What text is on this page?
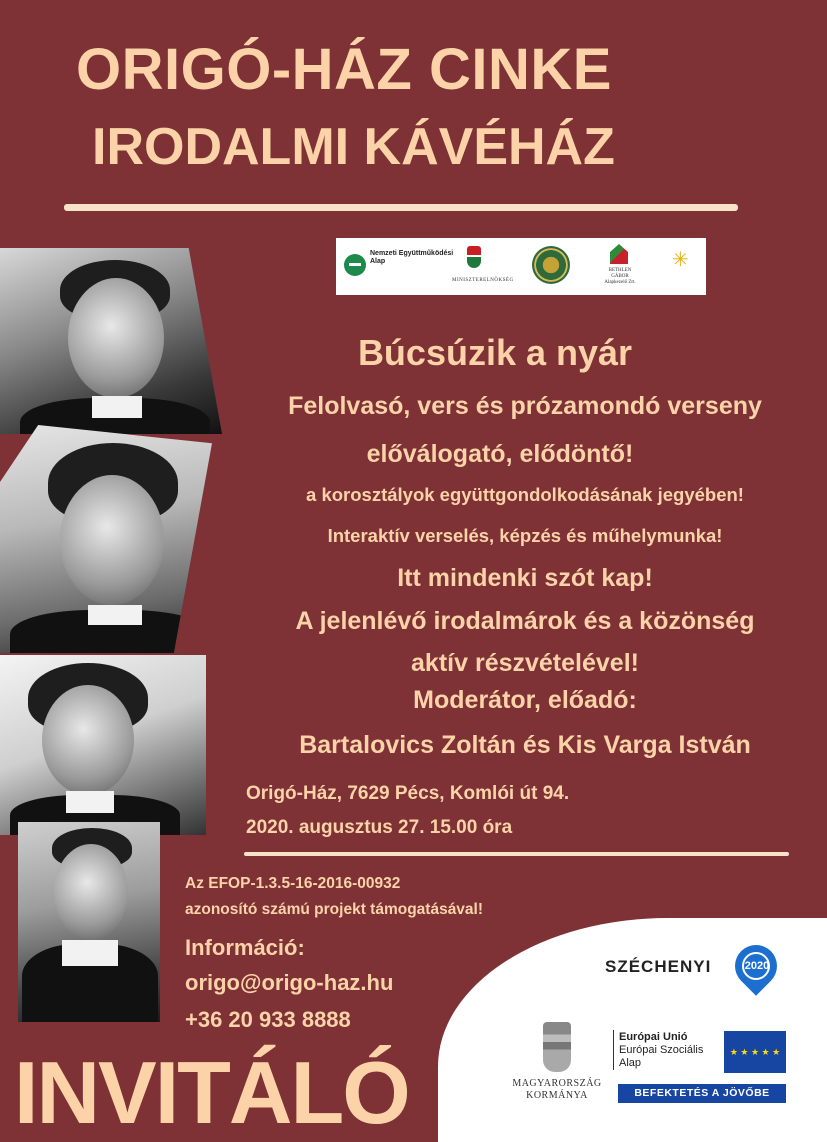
ORIGÓ-HÁZ CINKE
IRODALMI KÁVÉHÁZ
Nemzeti Együttműködési Alap
MINISZTERELNÖKSÉG
BETHLEN GÁBOR Alapkezelő Zrt.
✳
Búcsúzik a nyár
Felolvasó, vers és prózamondó verseny
előválogató, elődöntő!
a korosztályok együttgondolkodásának jegyében!
Interaktív verselés, képzés és műhelymunka!
Itt mindenki szót kap!
A jelenlévő irodalmárok és a közönség
aktív részvételével!
Moderátor, előadó:
Bartalovics Zoltán és Kis Varga István
Origó-Ház, 7629 Pécs, Komlói út 94.
2020. augusztus 27. 15.00 óra
Az EFOP-1.3.5-16-2016-00932
azonosító számú projekt támogatásával!
Információ:
origo@origo-haz.hu
+36 20 933 8888
INVITÁLÓ
SZÉCHENYI	2020
MAGYARORSZÁG
KORMÁNYA
Európai Unió
Európai Szociális
Alap
★ ★ ★ ★ ★
BEFEKTETÉS A JÖVŐBE
